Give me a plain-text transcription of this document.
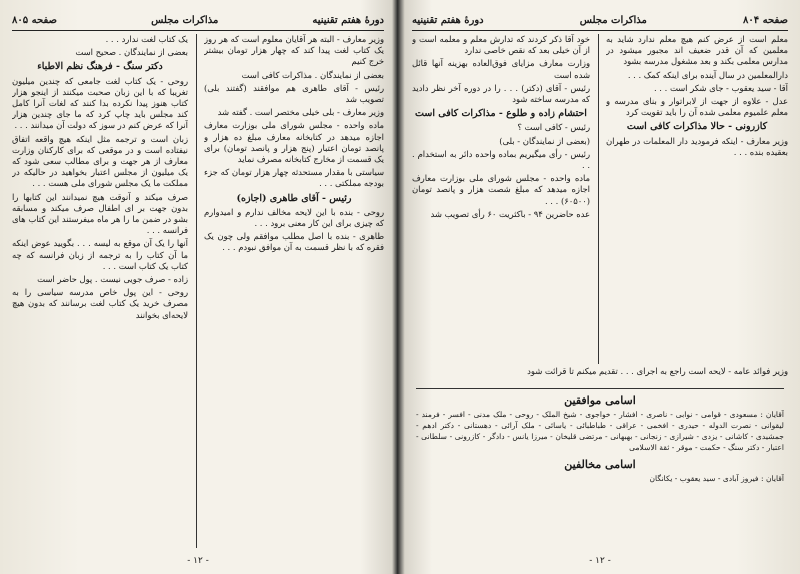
دورهٔ هفتم تقنینیه
مذاکرات مجلس
صفحه ۸۰۵

یک کتاب لغت ندارد . . .

بعضی از نمایندگان . صحیح است

دکتر سنگ - فرهنگ نظم الاطباء

روحی - یک کتاب لغت جامعی که چندین میلیون تغریبا که با این زبان صحبت میکنند از اینجو هزار کتاب هنوز پیدا نکرده بدا کنند که لغات آنرا کامل کند مجلس باید چاپ کرد که ما جای چندین هزار آنرا که عرض کنم در سوز که دولت آن میدانند . . .

زبان است و ترجمه مثل اینکه هیچ واقعه اتفاق نیفتاده است و در موقعی که برای کارکنان وزارت معارف از هر جهت و برای مطالب سعی شود که یک میلیون از مجلس اعتبار بخواهید در حالیکه در مملکت ما یک مجلس شورای ملی هست . . .

صرف میکند و آنوقت هیچ نمیدانند این کتابها را بدون جهت بر ای اطفال صرف میکند و مسابقه بشو در ضمن ما را هر ماه میفرستند این کتاب های فرانسه . . .

آنها را یک آن موقع به لیسه . . . بگویید عوض اینکه ما آن کتاب را به ترجمه از زبان فرانسه که چه کتاب یک کتاب است . . .

زاده - صرف جویی نیست . پول حاضر است

روحی - این پول خاص مدرسه سیاسی را به مصرف خرید یک کتاب لغت برسانند که بدون هیچ لایحه‌ای بخوانند

وزیر معارف - البته هر آقایان معلوم است که هر روز یک کتاب لغت پیدا کند که چهار هزار تومان بیشتر خرج کنیم

بعضی از نمایندگان . مذاکرات کافی است

رئیس - آقای طاهری هم موافقند (گفتند بلی) تصویب شد

وزیر معارف - بلی خیلی مختصر است . گفته شد

ماده واحده - مجلس شورای ملی بوزارت معارف اجازه میدهد در کتابخانه معارف مبلغ ده هزار و پانصد تومان اعتبار (پنج هزار و پانصد تومان) برای یک قسمت از مخارج کتابخانه مصرف نماید

سیاستی با مقدار مستحدثه چهار هزار تومان که جزء بودجه مملکتی . . .

رئیس - آقای طاهری (اجازه)

روحی - بنده با این لایحه مخالف ندارم و امیدوارم که چیزی برای این کار معنی برود . . .

طاهری - بنده با اصل مطلب موافقم ولی چون یک فقره که با نظر قسمت به آن موافق نبودم . . .

- ۱۲ -
صفحه ۸۰۴
مذاکرات مجلس
دورهٔ هفتم تقنینیه

خود آقا ذکر کردند که تدارش معلم و معلمه است و از آن خیلی بعد که نقص خاصی ندارد

وزارت معارف مزایای فوق‌العاده بهزینه آنها قائل شده است

رئیس - آقای (دکتر) . . . را در دوره آخر نظر دادید که مدرسه ساخته شود

احتشام زاده و طلوع - مذاکرات کافی است

رئیس - کافی است ؟

(بعضی از نمایندگان - بلی)

رئیس - رأی میگیریم بماده واحده دائر به استخدام . . .

ماده واحده - مجلس شورای ملی بوزارت معارف اجازه میدهد که مبلغ شصت هزار و پانصد تومان (۶۰۵۰۰) . . .

عده حاضرین ۹۴ - باکثریت ۶۰ رأی تصویب شد

معلم است از عرض کنم هیچ معلم ندارد شاید به معلمین که آن قدر ضعیف اند مجبور میشود در مدارس معلمی بکند و بعد مشغول مدرسه بشود

دارالمعلمین در سال آینده برای اینکه کمک . . .

آقا - سید یعقوب - جای شکر است . . .

عدل - علاوه از جهت از لابراتوار و بنای مدرسه و معلم علمیوم معلمی شده آن را باید تقویت کرد

کازرونی - حالا مذاکرات کافی است

وزیر معارف - اینکه فرمودید دار المعلمات در طهران بعقیده بنده . . .

وزیر فوائد عامه - لایحه است راجع به اجرای . . . تقدیم میکنم تا قرائت شود

اسامی موافقین

آقایان : مسعودی - قوامی - نوابی - ناصری - افشار - خواجوی - شیخ الملک - روحی - ملک مدنی - افسر - فرمند - لیقوانی - نصرت الدوله - حیدری - افخمی - عراقی - طباطبائی - یاسائی - ملک آرائی - دهستانی - دکتر ادهم - جمشیدی - کاشانی - یزدی - شیرازی - زنجانی - بهبهانی - مرتضی قلیخان - میرزا یانس - دادگر - کازرونی - سلطانی - اعتبار - دکتر سنگ - حکمت - موقر - ثقة الاسلامی

اسامی مخالفین

آقایان : فیروز آبادی - سید یعقوب - یکانگان

- ۱۲ -
